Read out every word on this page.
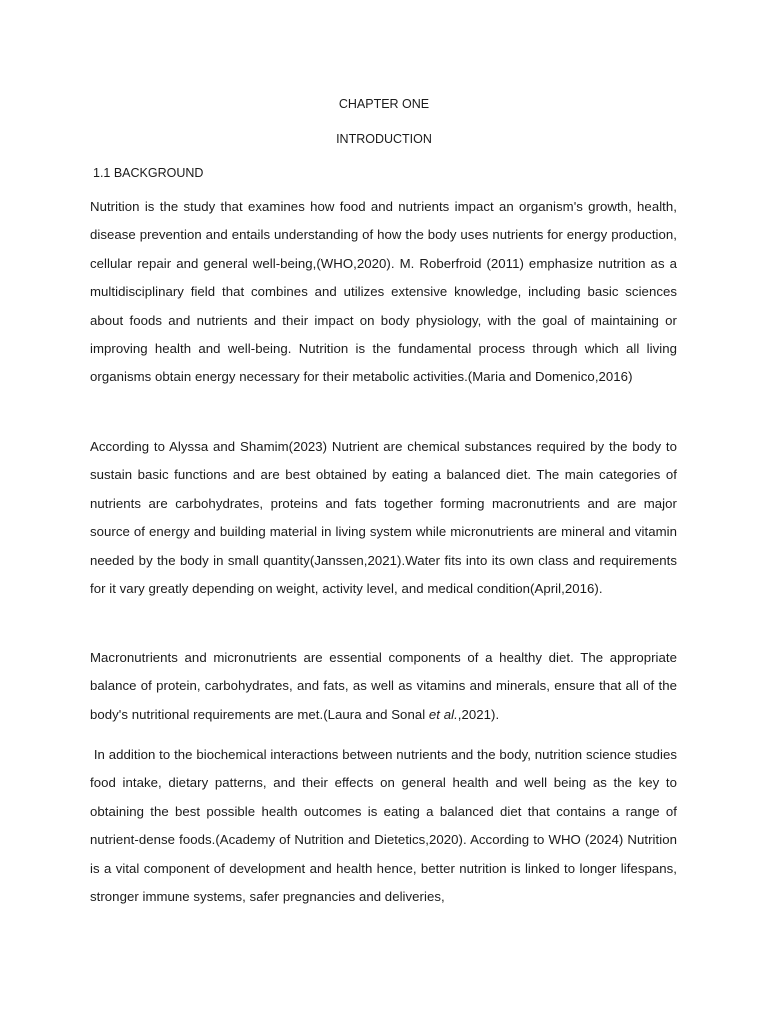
CHAPTER ONE
INTRODUCTION
1.1 BACKGROUND

Nutrition is the study that examines how food and nutrients impact an organism's growth, health, disease prevention and entails understanding of how the body uses nutrients for energy production, cellular repair and general well-being,(WHO,2020). M. Roberfroid (2011) emphasize nutrition as a multidisciplinary field that combines and utilizes extensive knowledge, including basic sciences about foods and nutrients and their impact on body physiology, with the goal of maintaining or improving health and well-being. Nutrition is the fundamental process through which all living organisms obtain energy necessary for their metabolic activities.(Maria and Domenico,2016)

According to Alyssa and Shamim(2023) Nutrient are chemical substances required by the body to sustain basic functions and are best obtained by eating a balanced diet. The main categories of nutrients are carbohydrates, proteins and fats together forming macronutrients and are major source of energy and building material in living system while micronutrients are mineral and vitamin needed by the body in small quantity(Janssen,2021).Water fits into its own class and requirements for it vary greatly depending on weight, activity level, and medical condition(April,2016).

Macronutrients and micronutrients are essential components of a healthy diet. The appropriate balance of protein, carbohydrates, and fats, as well as vitamins and minerals, ensure that all of the body's nutritional requirements are met.(Laura and Sonal et al.,2021).

In addition to the biochemical interactions between nutrients and the body, nutrition science studies food intake, dietary patterns, and their effects on general health and well being as the key to obtaining the best possible health outcomes is eating a balanced diet that contains a range of nutrient-dense foods.(Academy of Nutrition and Dietetics,2020). According to WHO (2024) Nutrition is a vital component of development and health hence, better nutrition is linked to longer lifespans, stronger immune systems, safer pregnancies and deliveries,
